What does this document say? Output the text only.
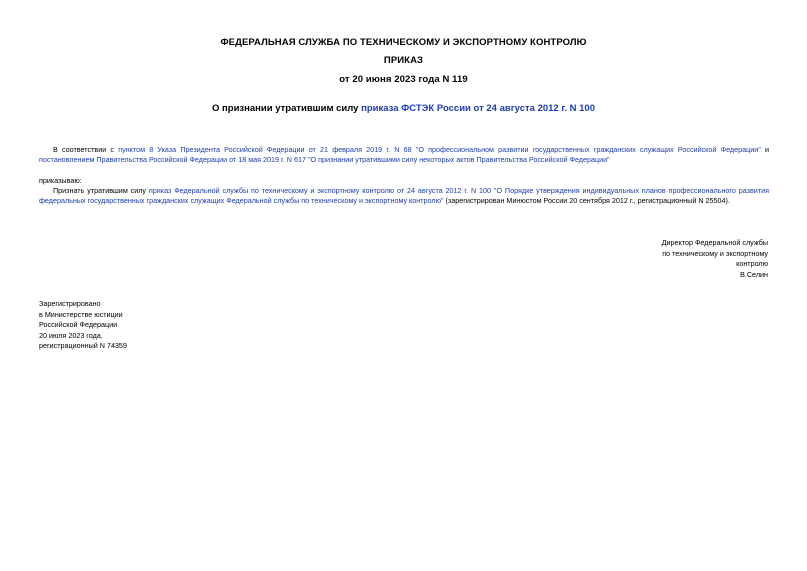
ФЕДЕРАЛЬНАЯ СЛУЖБА ПО ТЕХНИЧЕСКОМУ И ЭКСПОРТНОМУ КОНТРОЛЮ
ПРИКАЗ
от 20 июня 2023 года N 119
О признании утратившим силу приказа ФСТЭК России от 24 августа 2012 г. N 100
В соответствии с пунктом 8 Указа Президента Российской Федерации от 21 февраля 2019 г. N 68 "О профессиональном развитии государственных гражданских служащих Российской Федерации" и постановлением Правительства Российской Федерации от 18 мая 2019 г. N 617 "О признании утратившими силу некоторых актов Правительства Российской Федерации"
приказываю:
Признать утратившим силу приказ Федеральной службы по техническому и экспортному контролю от 24 августа 2012 г. N 100 "О Порядке утверждения индивидуальных планов профессионального развития федеральных государственных гражданских служащих Федеральной службы по техническому и экспортному контролю" (зарегистрирован Минюстом России 20 сентября 2012 г., регистрационный N 25504).
Директор Федеральной службы
по техническому и экспортному
контролю
В.Селин
Зарегистрировано
в Министерстве юстиции
Российской Федерации
20 июля 2023 года,
регистрационный N 74359
